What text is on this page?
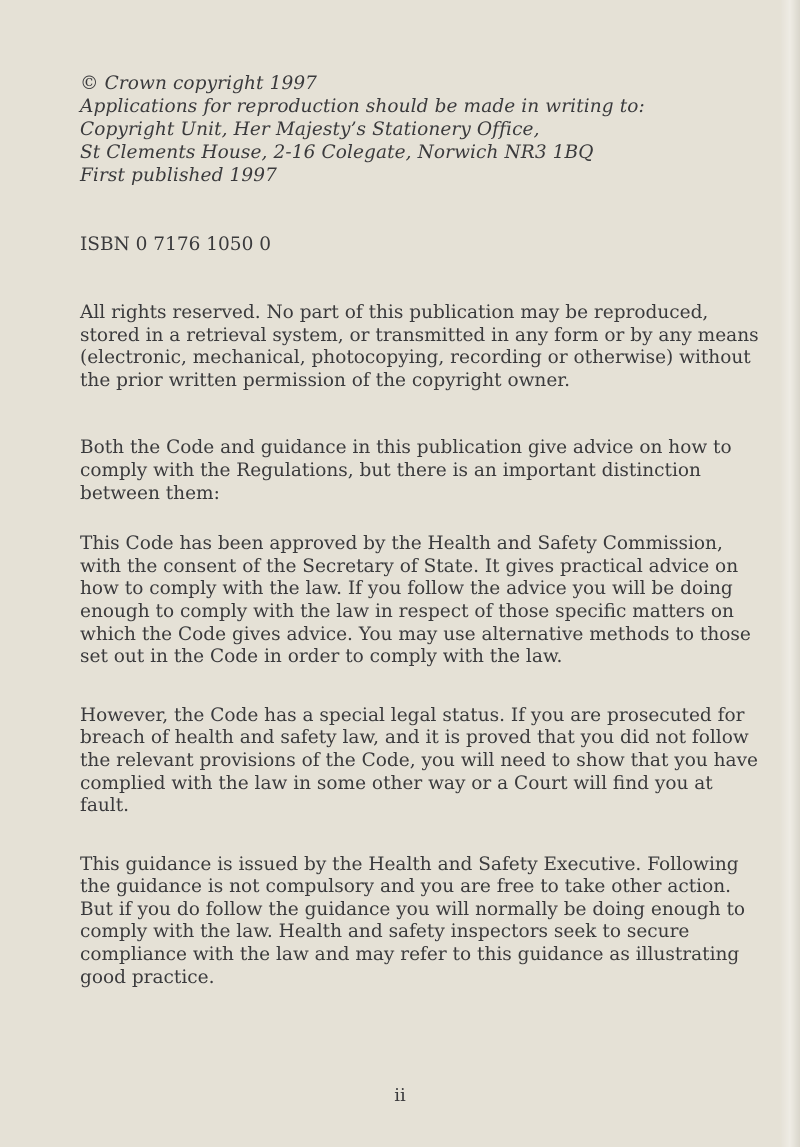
© Crown copyright 1997

Applications for reproduction should be made in writing to:

Copyright Unit, Her Majesty’s Stationery Office,

St Clements House, 2-16 Colegate, Norwich NR3 1BQ

First published 1997

ISBN 0 7176 1050 0

All rights reserved. No part of this publication may be reproduced, stored in a retrieval system, or transmitted in any form or by any means (electronic, mechanical, photocopying, recording or otherwise) without the prior written permission of the copyright owner.

Both the Code and guidance in this publication give advice on how to comply with the Regulations, but there is an important distinction between them:

This Code has been approved by the Health and Safety Commission, with the consent of the Secretary of State. It gives practical advice on how to comply with the law. If you follow the advice you will be doing enough to comply with the law in respect of those specific matters on which the Code gives advice. You may use alternative methods to those set out in the Code in order to comply with the law.

However, the Code has a special legal status. If you are prosecuted for breach of health and safety law, and it is proved that you did not follow the relevant provisions of the Code, you will need to show that you have complied with the law in some other way or a Court will find you at fault.

This guidance is issued by the Health and Safety Executive. Following the guidance is not compulsory and you are free to take other action. But if you do follow the guidance you will normally be doing enough to comply with the law. Health and safety inspectors seek to secure compliance with the law and may refer to this guidance as illustrating good practice.

ii
